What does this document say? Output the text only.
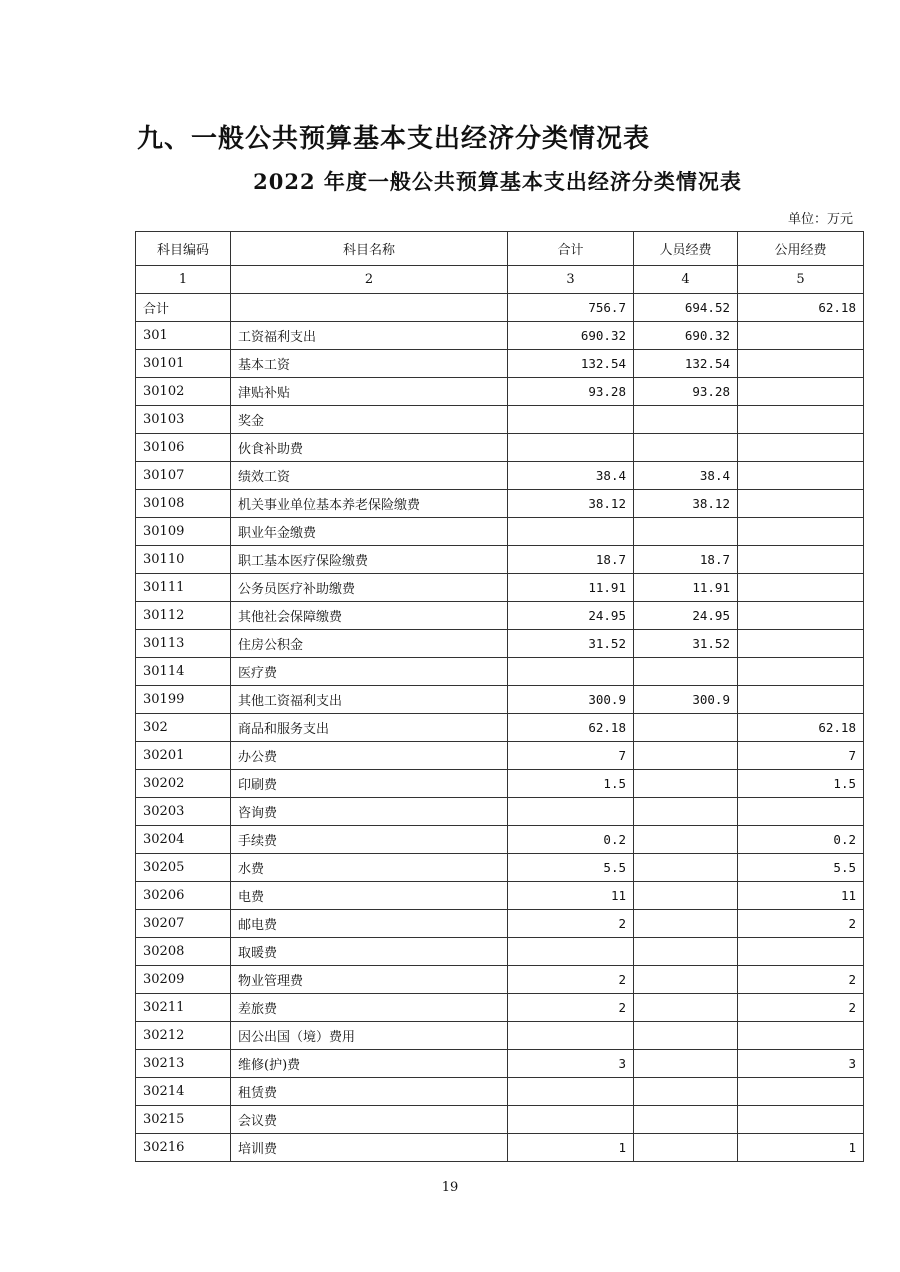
九、一般公共预算基本支出经济分类情况表
2022 年度一般公共预算基本支出经济分类情况表
单位：万元
科目编码	科目名称	合计	人员经费	公用经费
1	2	3	4	5
合计		756.7	694.52	62.18
301	工资福利支出	690.32	690.32	
30101	基本工资	132.54	132.54	
30102	津贴补贴	93.28	93.28	
30103	奖金			
30106	伙食补助费			
30107	绩效工资	38.4	38.4	
30108	机关事业单位基本养老保险缴费	38.12	38.12	
30109	职业年金缴费			
30110	职工基本医疗保险缴费	18.7	18.7	
30111	公务员医疗补助缴费	11.91	11.91	
30112	其他社会保障缴费	24.95	24.95	
30113	住房公积金	31.52	31.52	
30114	医疗费			
30199	其他工资福利支出	300.9	300.9	
302	商品和服务支出	62.18		62.18
30201	办公费	7		7
30202	印刷费	1.5		1.5
30203	咨询费			
30204	手续费	0.2		0.2
30205	水费	5.5		5.5
30206	电费	11		11
30207	邮电费	2		2
30208	取暖费			
30209	物业管理费	2		2
30211	差旅费	2		2
30212	因公出国（境）费用			
30213	维修(护)费	3		3
30214	租赁费			
30215	会议费			
30216	培训费	1		1
19
